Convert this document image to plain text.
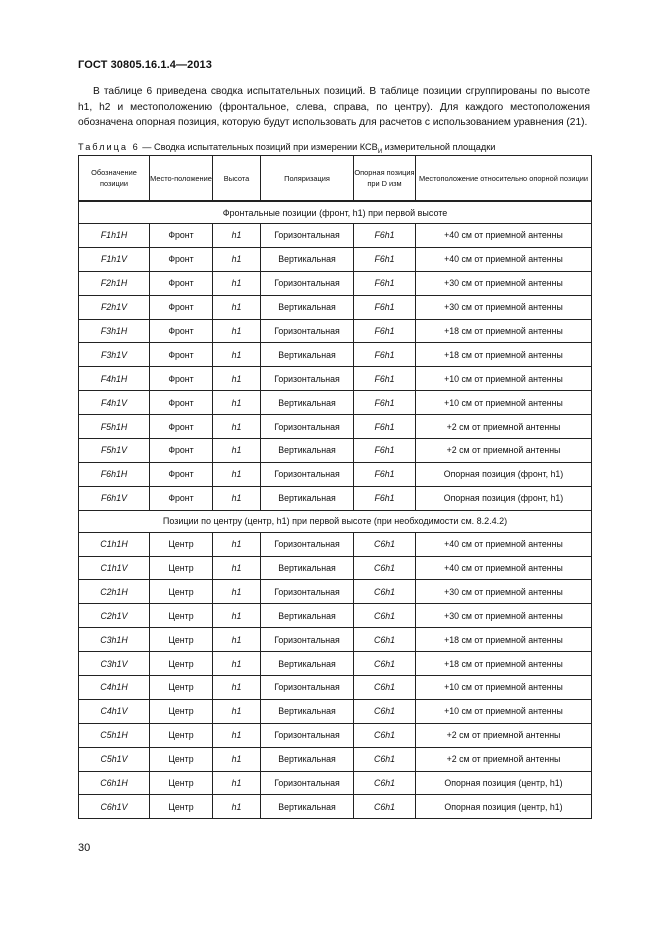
ГОСТ 30805.16.1.4—2013

В таблице 6 приведена сводка испытательных позиций. В таблице позиции сгруппированы по высоте h1, h2 и местоположению (фронтальное, слева, справа, по центру). Для каждого местоположения обозначена опорная позиция, которую будут использовать для расчетов с использованием уравнения (21).

Таблица 6 — Сводка испытательных позиций при измерении $КСВ_И$ измерительной площадки
Обозначение позиции	Место-положение	Высота	Поляризация	Опорная позиция при D изм	Местоположение относительно опорной позиции
Фронтальные позиции (фронт, h1) при первой высоте					
F1h1H	Фронт	h1	Горизонтальная	F6h1	+40 см от приемной антенны
F1h1V	Фронт	h1	Вертикальная	F6h1	+40 см от приемной антенны
F2h1H	Фронт	h1	Горизонтальная	F6h1	+30 см от приемной антенны
F2h1V	Фронт	h1	Вертикальная	F6h1	+30 см от приемной антенны
F3h1H	Фронт	h1	Горизонтальная	F6h1	+18 см от приемной антенны
F3h1V	Фронт	h1	Вертикальная	F6h1	+18 см от приемной антенны
F4h1H	Фронт	h1	Горизонтальная	F6h1	+10 см от приемной антенны
F4h1V	Фронт	h1	Вертикальная	F6h1	+10 см от приемной антенны
F5h1H	Фронт	h1	Горизонтальная	F6h1	+2 см от приемной антенны
F5h1V	Фронт	h1	Вертикальная	F6h1	+2 см от приемной антенны
F6h1H	Фронт	h1	Горизонтальная	F6h1	Опорная позиция (фронт, h1)
F6h1V	Фронт	h1	Вертикальная	F6h1	Опорная позиция (фронт, h1)
Позиции по центру (центр, h1) при первой высоте (при необходимости см. 8.2.4.2)					
C1h1H	Центр	h1	Горизонтальная	C6h1	+40 см от приемной антенны
C1h1V	Центр	h1	Вертикальная	C6h1	+40 см от приемной антенны
C2h1H	Центр	h1	Горизонтальная	C6h1	+30 см от приемной антенны
C2h1V	Центр	h1	Вертикальная	C6h1	+30 см от приемной антенны
C3h1H	Центр	h1	Горизонтальная	C6h1	+18 см от приемной антенны
C3h1V	Центр	h1	Вертикальная	C6h1	+18 см от приемной антенны
C4h1H	Центр	h1	Горизонтальная	C6h1	+10 см от приемной антенны
C4h1V	Центр	h1	Вертикальная	C6h1	+10 см от приемной антенны
C5h1H	Центр	h1	Горизонтальная	C6h1	+2 см от приемной антенны
C5h1V	Центр	h1	Вертикальная	C6h1	+2 см от приемной антенны
C6h1H	Центр	h1	Горизонтальная	C6h1	Опорная позиция (центр, h1)
C6h1V	Центр	h1	Вертикальная	C6h1	Опорная позиция (центр, h1)
30
